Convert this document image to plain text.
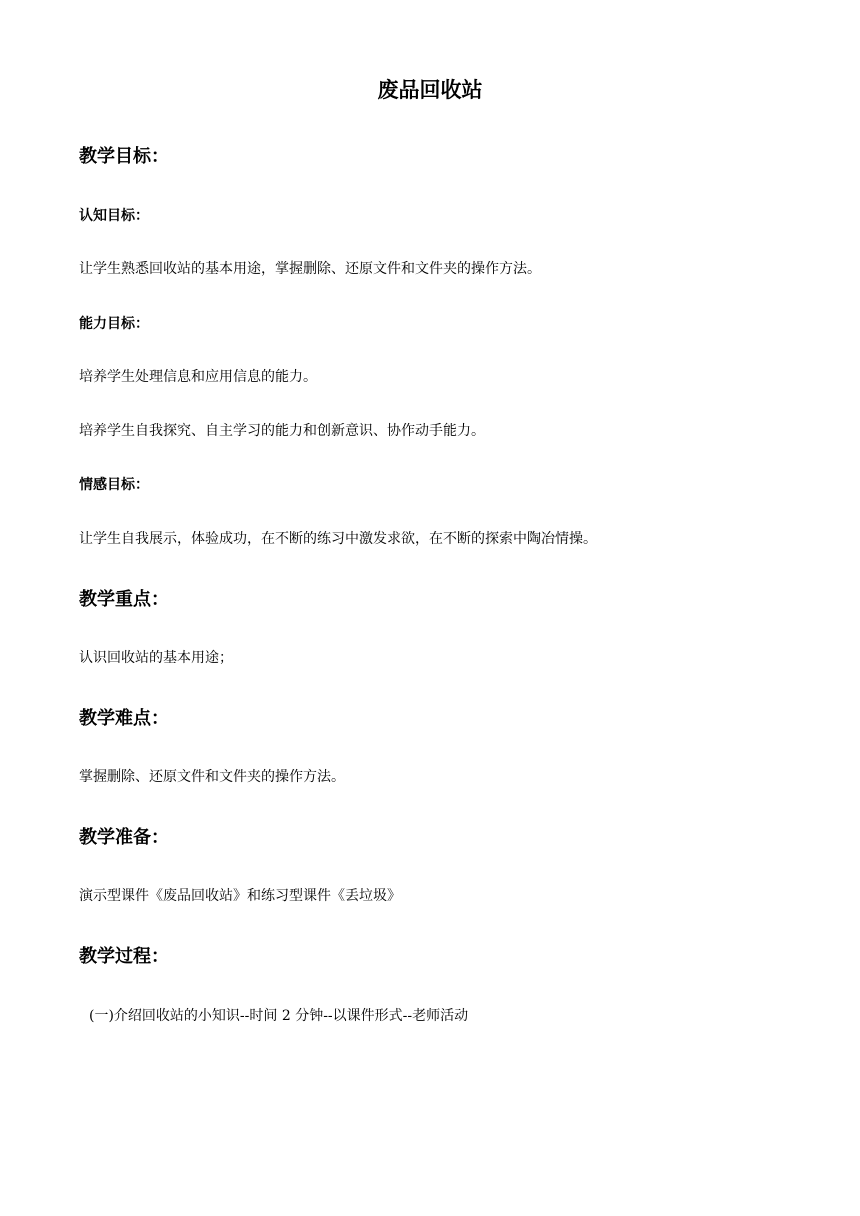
废品回收站
教学目标：
认知目标：
让学生熟悉回收站的基本用途，掌握删除、还原文件和文件夹的操作方法。
能力目标：
培养学生处理信息和应用信息的能力。
培养学生自我探究、自主学习的能力和创新意识、协作动手能力。
情感目标：
让学生自我展示，体验成功，在不断的练习中激发求欲，在不断的探索中陶冶情操。
教学重点：
认识回收站的基本用途；
教学难点：
掌握删除、还原文件和文件夹的操作方法。
教学准备：
演示型课件《废品回收站》和练习型课件《丢垃圾》
教学过程：
(一)介绍回收站的小知识--时间 2 分钟--以课件形式--老师活动
